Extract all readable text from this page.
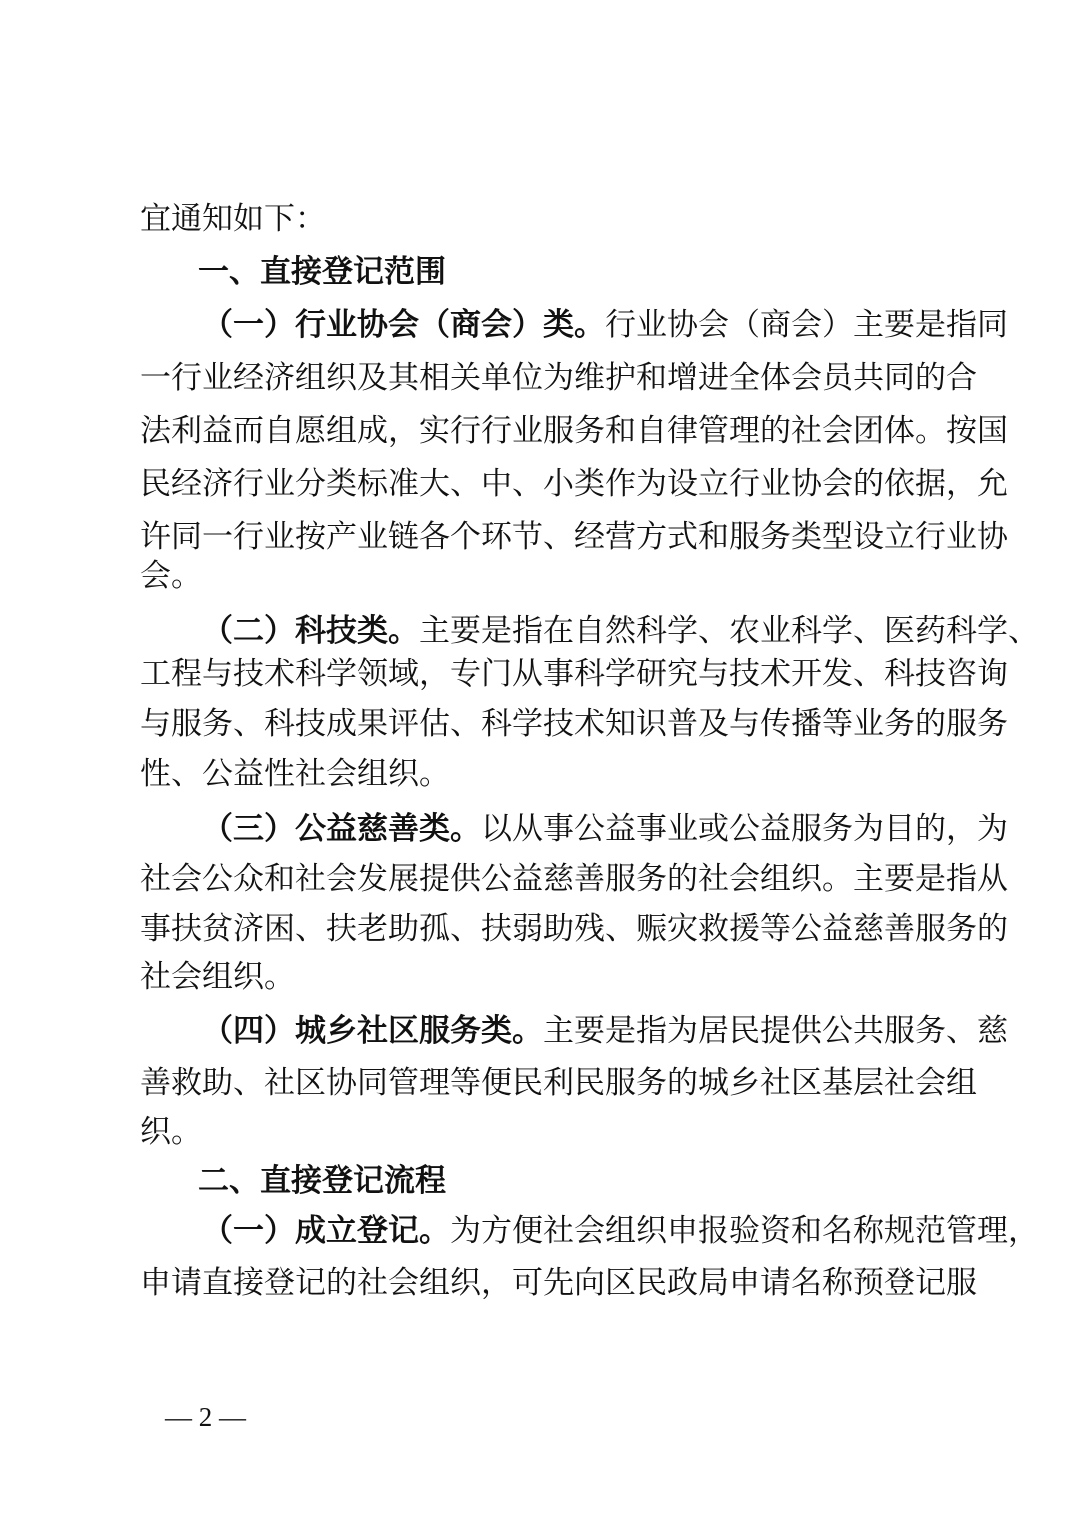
宜通知如下：
一、直接登记范围
（一）行业协会（商会）类。行业协会（商会）主要是指同
一行业经济组织及其相关单位为维护和增进全体会员共同的合
法利益而自愿组成，实行行业服务和自律管理的社会团体。按国
民经济行业分类标准大、中、小类作为设立行业协会的依据，允
许同一行业按产业链各个环节、经营方式和服务类型设立行业协
会。
（二）科技类。主要是指在自然科学、农业科学、医药科学、
工程与技术科学领域，专门从事科学研究与技术开发、科技咨询
与服务、科技成果评估、科学技术知识普及与传播等业务的服务
性、公益性社会组织。
（三）公益慈善类。以从事公益事业或公益服务为目的，为
社会公众和社会发展提供公益慈善服务的社会组织。主要是指从
事扶贫济困、扶老助孤、扶弱助残、赈灾救援等公益慈善服务的
社会组织。
（四）城乡社区服务类。主要是指为居民提供公共服务、慈
善救助、社区协同管理等便民利民服务的城乡社区基层社会组
织。
二、直接登记流程
（一）成立登记。为方便社会组织申报验资和名称规范管理，
申请直接登记的社会组织，可先向区民政局申请名称预登记服
— 2 —
